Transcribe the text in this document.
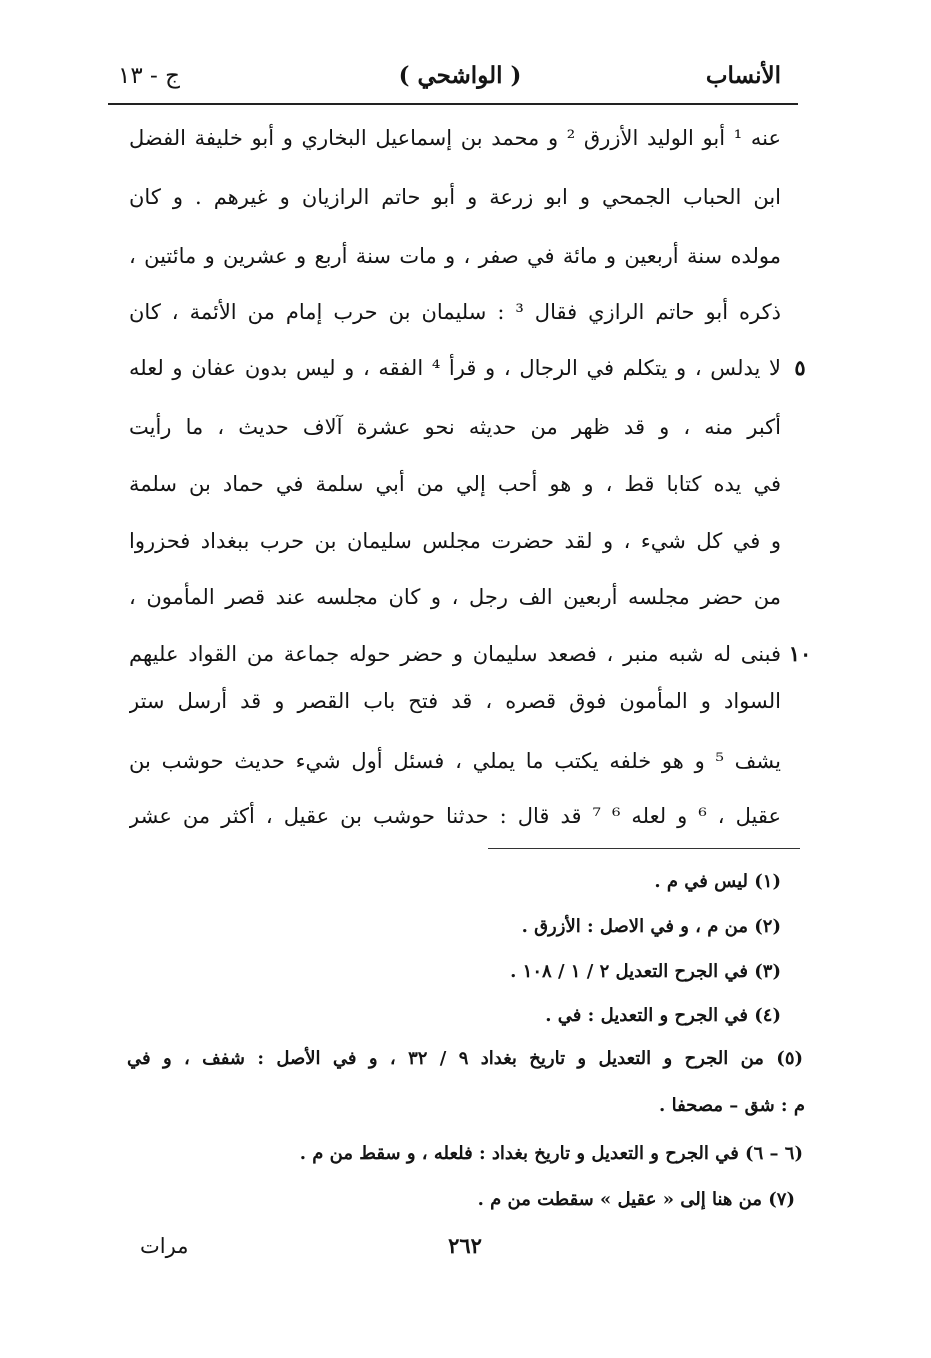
الأنساب
( الواشحي )
ج - ١٣
عنه ¹ أبو الوليد الأزرق ² و محمد بن إسماعيل البخاري و أبو خليفة الفضل
ابن الحباب الجمحي و ابو زرعة و أبو حاتم الرازيان و غيرهم . و كان
مولده سنة أربعين و مائة في صفر ، و مات سنة أربع و عشرين و مائتين ،
ذكره أبو حاتم الرازي فقال ³ : سليمان بن حرب إمام من الأئمة ، كان
لا يدلس ، و يتكلم في الرجال ، و قرأ ⁴ الفقه ، و ليس بدون عفان و لعله ٥
أكبر منه ، و قد ظهر من حديثه نحو عشرة آلاف حديث ، ما رأيت
في يده كتابا قط ، و هو أحب إلي من أبي سلمة في حماد بن سلمة
و في كل شيء ، و لقد حضرت مجلس سليمان بن حرب ببغداد فحزروا
من حضر مجلسه أربعين الف رجل ، و كان مجلسه عند قصر المأمون ،
فبنى له شبه منبر ، فصعد سليمان و حضر حوله جماعة من القواد عليهم ١٠
السواد و المأمون فوق قصره ، قد فتح باب القصر و قد أرسل ستر
يشف ⁵ و هو خلفه يكتب ما يملي ، فسئل أول شيء حديث حوشب بن
عقيل ، ⁶ و لعله ⁶ ⁷ قد قال : حدثنا حوشب بن عقيل ، أكثر من عشر
(١) ليس في م .
(٢) من م ، و في الاصل : الأزرق .
(٣) في الجرح التعديل ٢ / ١ / ١٠٨ .
(٤) في الجرح و التعديل : في .
(٥) من الجرح و التعديل و تاريخ بغداد ٩ / ٣٢ ، و في الأصل : شفف ، و في
م : شق – مصحفا .
(٦ – ٦) في الجرح و التعديل و تاريخ بغداد : فلعله ، و سقط من م .
(٧) من هنا إلى « عقيل » سقطت من م .
٢٦٢
مرات
